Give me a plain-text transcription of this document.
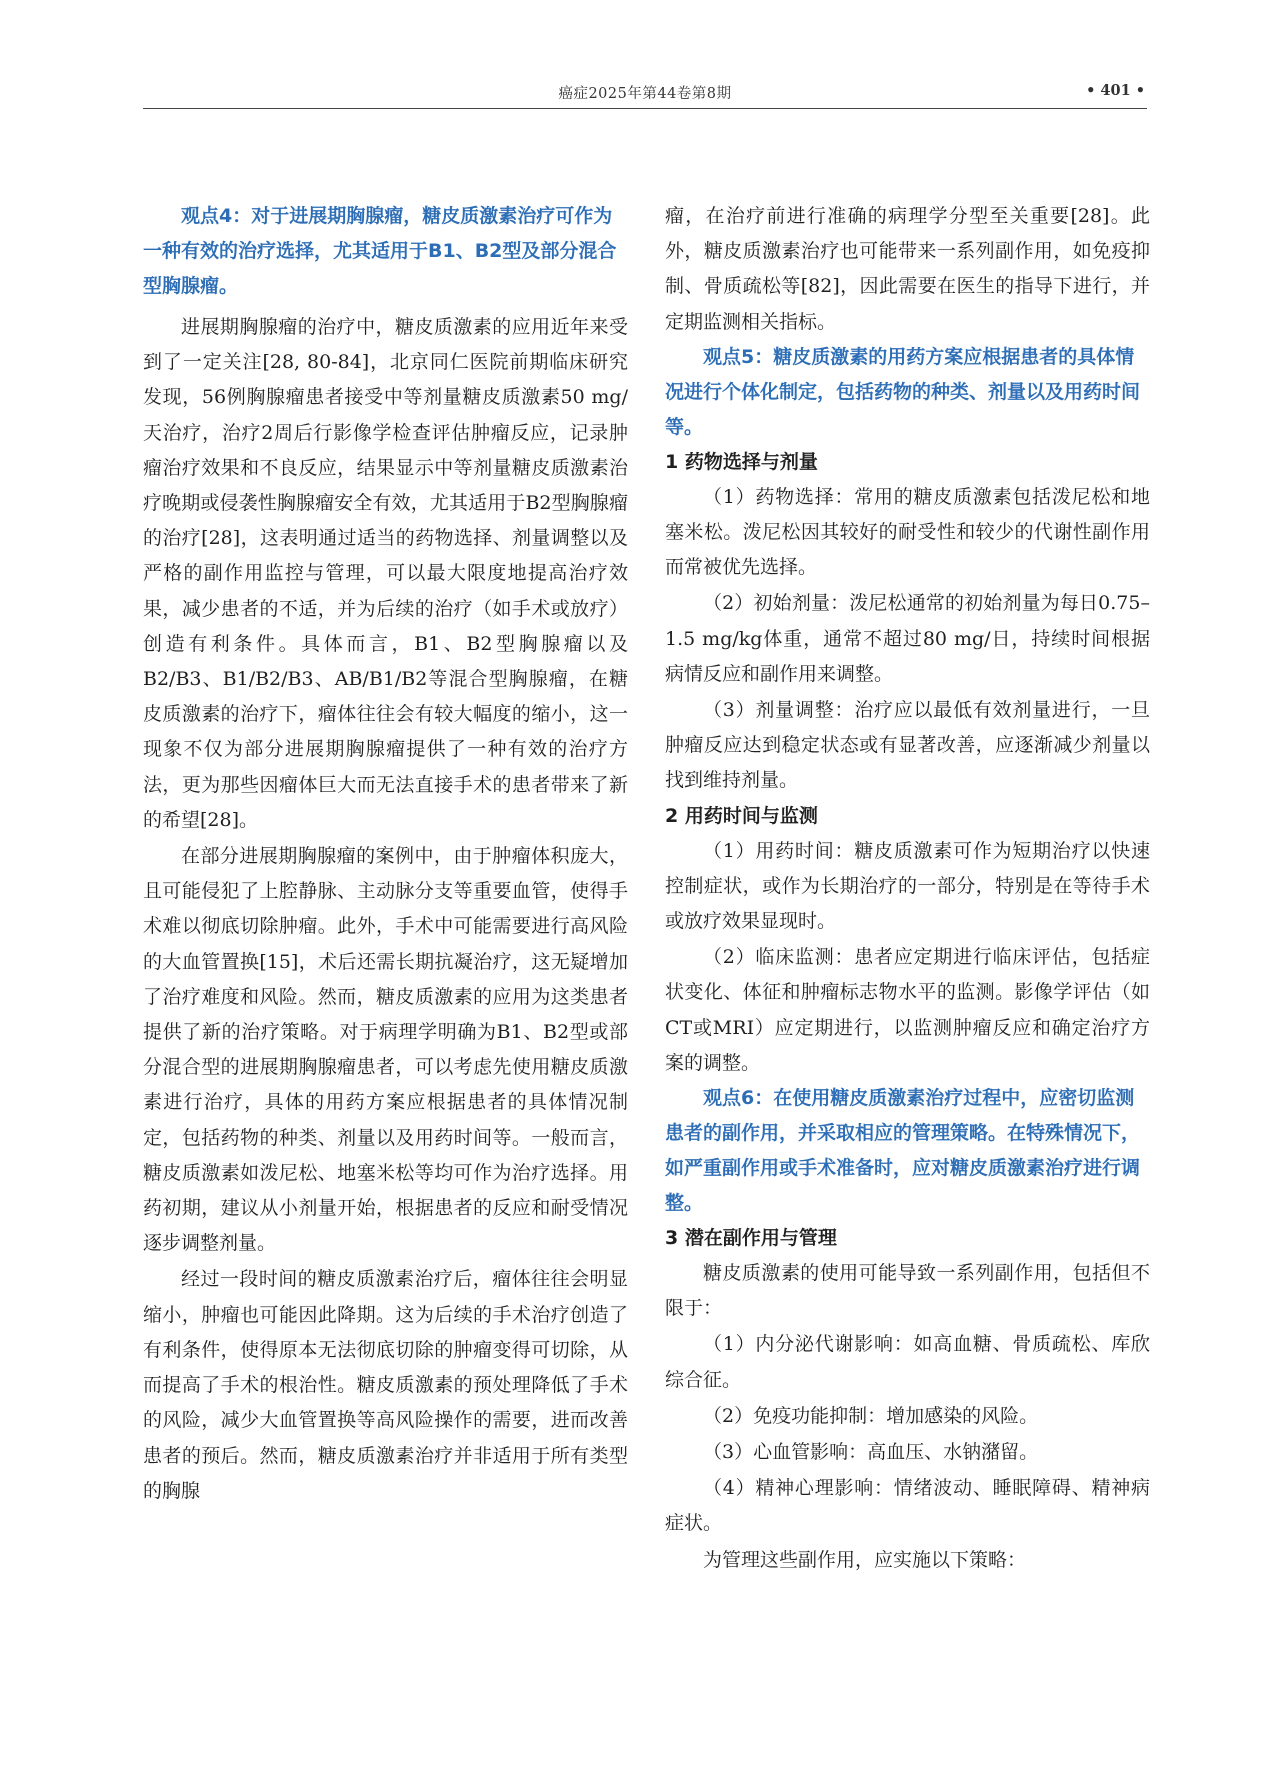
癌症2025年第44卷第8期	• 401 •

观点4：对于进展期胸腺瘤，糖皮质激素治疗可作为一种有效的治疗选择，尤其适用于B1、B2型及部分混合型胸腺瘤。

进展期胸腺瘤的治疗中，糖皮质激素的应用近年来受到了一定关注[28, 80-84]，北京同仁医院前期临床研究发现，56例胸腺瘤患者接受中等剂量糖皮质激素50 mg/天治疗，治疗2周后行影像学检查评估肿瘤反应，记录肿瘤治疗效果和不良反应，结果显示中等剂量糖皮质激素治疗晚期或侵袭性胸腺瘤安全有效，尤其适用于B2型胸腺瘤的治疗[28]，这表明通过适当的药物选择、剂量调整以及严格的副作用监控与管理，可以最大限度地提高治疗效果，减少患者的不适，并为后续的治疗（如手术或放疗）创造有利条件。具体而言，B1、B2型胸腺瘤以及B2/B3、B1/B2/B3、AB/B1/B2等混合型胸腺瘤，在糖皮质激素的治疗下，瘤体往往会有较大幅度的缩小，这一现象不仅为部分进展期胸腺瘤提供了一种有效的治疗方法，更为那些因瘤体巨大而无法直接手术的患者带来了新的希望[28]。

在部分进展期胸腺瘤的案例中，由于肿瘤体积庞大，且可能侵犯了上腔静脉、主动脉分支等重要血管，使得手术难以彻底切除肿瘤。此外，手术中可能需要进行高风险的大血管置换[15]，术后还需长期抗凝治疗，这无疑增加了治疗难度和风险。然而，糖皮质激素的应用为这类患者提供了新的治疗策略。对于病理学明确为B1、B2型或部分混合型的进展期胸腺瘤患者，可以考虑先使用糖皮质激素进行治疗，具体的用药方案应根据患者的具体情况制定，包括药物的种类、剂量以及用药时间等。一般而言，糖皮质激素如泼尼松、地塞米松等均可作为治疗选择。用药初期，建议从小剂量开始，根据患者的反应和耐受情况逐步调整剂量。

经过一段时间的糖皮质激素治疗后，瘤体往往会明显缩小，肿瘤也可能因此降期。这为后续的手术治疗创造了有利条件，使得原本无法彻底切除的肿瘤变得可切除，从而提高了手术的根治性。糖皮质激素的预处理降低了手术的风险，减少大血管置换等高风险操作的需要，进而改善患者的预后。然而，糖皮质激素治疗并非适用于所有类型的胸腺

瘤，在治疗前进行准确的病理学分型至关重要[28]。此外，糖皮质激素治疗也可能带来一系列副作用，如免疫抑制、骨质疏松等[82]，因此需要在医生的指导下进行，并定期监测相关指标。

观点5：糖皮质激素的用药方案应根据患者的具体情况进行个体化制定，包括药物的种类、剂量以及用药时间等。

1 药物选择与剂量

（1）药物选择：常用的糖皮质激素包括泼尼松和地塞米松。泼尼松因其较好的耐受性和较少的代谢性副作用而常被优先选择。

（2）初始剂量：泼尼松通常的初始剂量为每日0.75–1.5 mg/kg体重，通常不超过80 mg/日，持续时间根据病情反应和副作用来调整。

（3）剂量调整：治疗应以最低有效剂量进行，一旦肿瘤反应达到稳定状态或有显著改善，应逐渐减少剂量以找到维持剂量。

2 用药时间与监测

（1）用药时间：糖皮质激素可作为短期治疗以快速控制症状，或作为长期治疗的一部分，特别是在等待手术或放疗效果显现时。

（2）临床监测：患者应定期进行临床评估，包括症状变化、体征和肿瘤标志物水平的监测。影像学评估（如CT或MRI）应定期进行，以监测肿瘤反应和确定治疗方案的调整。

观点6：在使用糖皮质激素治疗过程中，应密切监测患者的副作用，并采取相应的管理策略。在特殊情况下，如严重副作用或手术准备时，应对糖皮质激素治疗进行调整。

3 潜在副作用与管理

糖皮质激素的使用可能导致一系列副作用，包括但不限于：

（1）内分泌代谢影响：如高血糖、骨质疏松、库欣综合征。

（2）免疫功能抑制：增加感染的风险。

（3）心血管影响：高血压、水钠潴留。

（4）精神心理影响：情绪波动、睡眠障碍、精神病症状。

为管理这些副作用，应实施以下策略：
